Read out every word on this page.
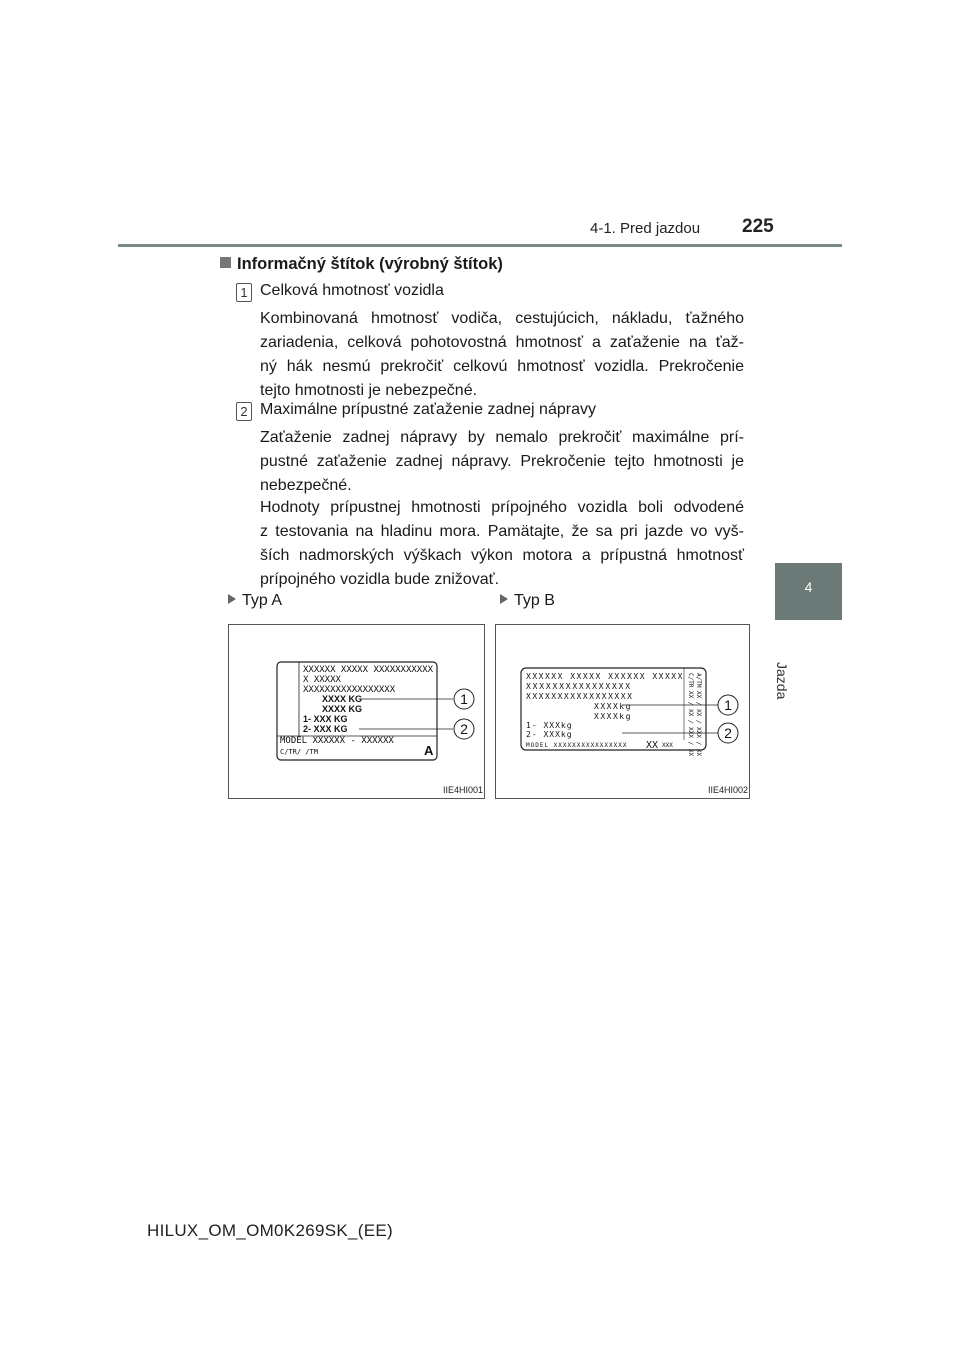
4-1. Pred jazdou 225
4
Jazda
Informačný štítok (výrobný štítok)
1 Celková hmotnosť vozidla
Kombinovaná hmotnosť vodiča, cestujúcich, nákladu, ťažného
zariadenia, celková pohotovostná hmotnosť a zaťaženie na ťaž-
ný hák nesmú prekročiť celkovú hmotnosť vozidla. Prekročenie
tejto hmotnosti je nebezpečné.
2 Maximálne prípustné zaťaženie zadnej nápravy
Zaťaženie zadnej nápravy by nemalo prekročiť maximálne prí-
pustné zaťaženie zadnej nápravy. Prekročenie tejto hmotnosti je
nebezpečné.
Hodnoty prípustnej hmotnosti prípojného vozidla boli odvodené
z testovania na hladinu mora. Pamätajte, že sa pri jazde vo vyš-
ších nadmorských výškach výkon motora a prípustná hmotnosť
prípojného vozidla bude znižovať.
Typ A	Typ B
XXXXXX XXXXX XXXXXXXXXXX
X XXXXX
XXXXXXXXXXXXXXXXX
XXXX KG
XXXX KG
1- XXX KG
2- XXX KG
MODEL XXXXXX - XXXXXX
C/TR/ /TM	A
1
2
IIE4HI001
XXXXXX XXXXX XXXXXX XXXXX
XXXXXXXXXXXXXXXX
XXXXXXXXXXXXXXXXX
XXXXkg
XXXXkg
1- XXXkg
2- XXXkg
MODEL XXXXXXXXXXXXXXXX XX XXX C/TR XX / XX / XXX / XX A/TM XX / XX / XXX / XX 1
2
IIE4HI002
HILUX_OM_OM0K269SK_(EE)
